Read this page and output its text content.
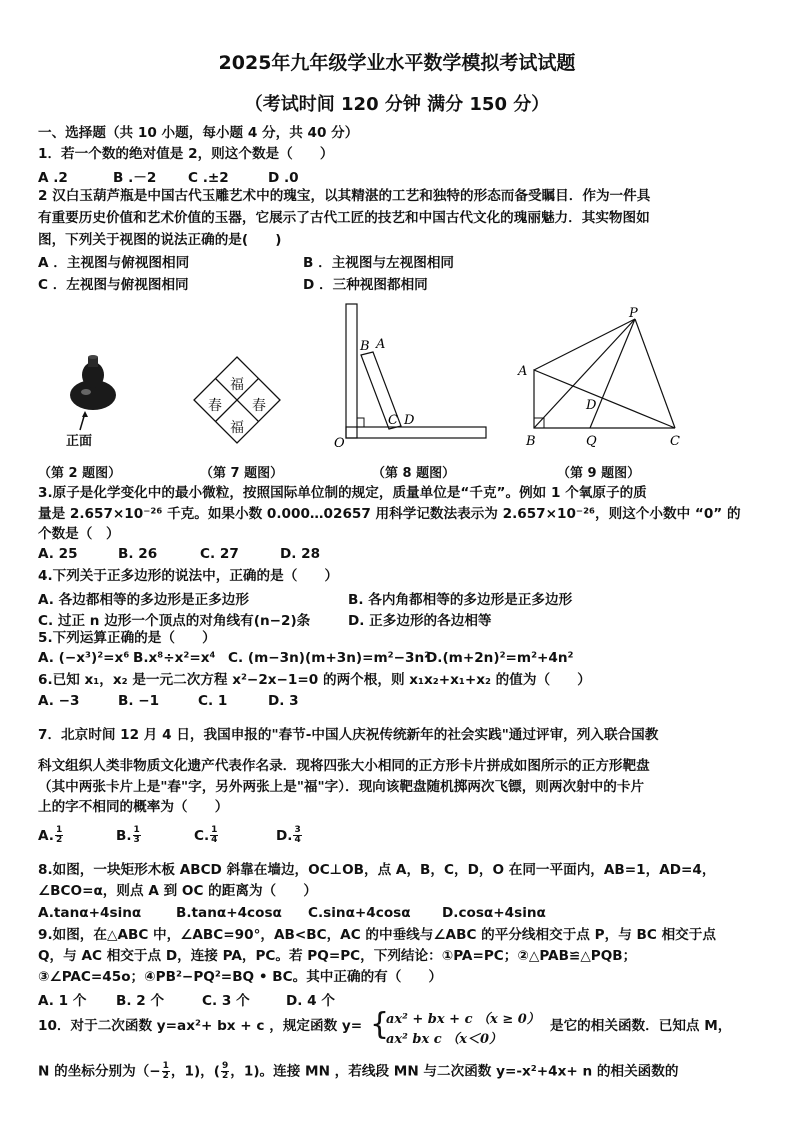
2025年九年级学业水平数学模拟考试试题
（考试时间 120 分钟 满分 150 分）
一、选择题（共 10 小题，每小题 4 分，共 40 分）
1．若一个数的绝对值是 2，则这个数是（　　）
A .2	B .－2 C .±2	D .0
2 汉白玉葫芦瓶是中国古代玉雕艺术中的瑰宝，以其精湛的工艺和独特的形态而备受瞩目．作为一件具
有重要历史价值和艺术价值的玉器，它展示了古代工匠的技艺和中国古代文化的瑰丽魅力．其实物图如
图，下列关于视图的说法正确的是(　　)
A ．主视图与俯视图相同	B ．主视图与左视图相同
C ．左视图与俯视图相同	D ．三种视图都相同
正面
福
春 春
福
B A
C D
O
P
A
D
B	Q	C
（第 2 题图）	（第 7 题图）	（第 8 题图）	（第 9 题图）
3.原子是化学变化中的最小微粒，按照国际单位制的规定，质量单位是“千克”。例如 1 个氧原子的质
量是 2.657×10⁻²⁶ 千克。如果小数 0.000…02657 用科学记数法表示为 2.657×10⁻²⁶，则这个小数中 “0” 的
个数是（　）
A. 25	B. 26	C. 27	D. 28
4.下列关于正多边形的说法中，正确的是（　　）
A. 各边都相等的多边形是正多边形	B. 各内角都相等的多边形是正多边形
C. 过正 n 边形一个顶点的对角线有(n−2)条	D. 正多边形的各边相等
5.下列运算正确的是（　　）
A. (−x³)²=x⁶ B.x⁸÷x²=x⁴ C. (m−3n)(m+3n)=m²−3n²D.(m+2n)²=m²+4n²
6.已知 x₁，x₂ 是一元二次方程 x²−2x−1=0 的两个根，则 x₁x₂+x₁+x₂ 的值为（　　）
A. −3	B. −1	C. 1	D. 3
7．北京时间 12 月 4 日，我国申报的"春节-中国人庆祝传统新年的社会实践"通过评审，列入联合国教
科文组织人类非物质文化遗产代表作名录．现将四张大小相同的正方形卡片拼成如图所示的正方形靶盘
（其中两张卡片上是"春"字，另外两张上是"福"字）．现向该靶盘随机掷两次飞镖，则两次射中的卡片
上的字不相同的概率为（　　）
A. $\frac{1}{2}$	B. $\frac{1}{3}$	C. $\frac{1}{4}$	D. $\frac{3}{4}$
8.如图，一块矩形木板 ABCD 斜靠在墙边，OC⊥OB，点 A，B，C，D，O 在同一平面内，AB=1，AD=4，
∠BCO=α，则点 A 到 OC 的距离为（　　）
A.tanα+4sinα	B.tanα+4cosα C.sinα+4cosα D.cosα+4sinα
9.如图，在△ABC 中，∠ABC=90°，AB<BC，AC 的中垂线与∠ABC 的平分线相交于点 P，与 BC 相交于点
Q，与 AC 相交于点 D，连接 PA，PC。若 PQ=PC，下列结论：①PA=PC；②△PAB≌△PQB；
③∠PAC=45o；④PB²−PQ²=BQ • BC。其中正确的有（　　）
A. 1 个 B. 2 个	C. 3 个	D. 4 个
10．对于二次函数 y=ax²+ bx + c ，规定函数 y= {
ax² + bx + c （x ≥ 0）
ax² bx c （x＜0）
是它的相关函数．已知点 M，
N 的坐标分别为（− $\frac{1}{2}$ ，1)，( $\frac{9}{2}$ ，1)。连接 MN ，若线段 MN 与二次函数 y=-x²+4x+ n 的相关函数的
